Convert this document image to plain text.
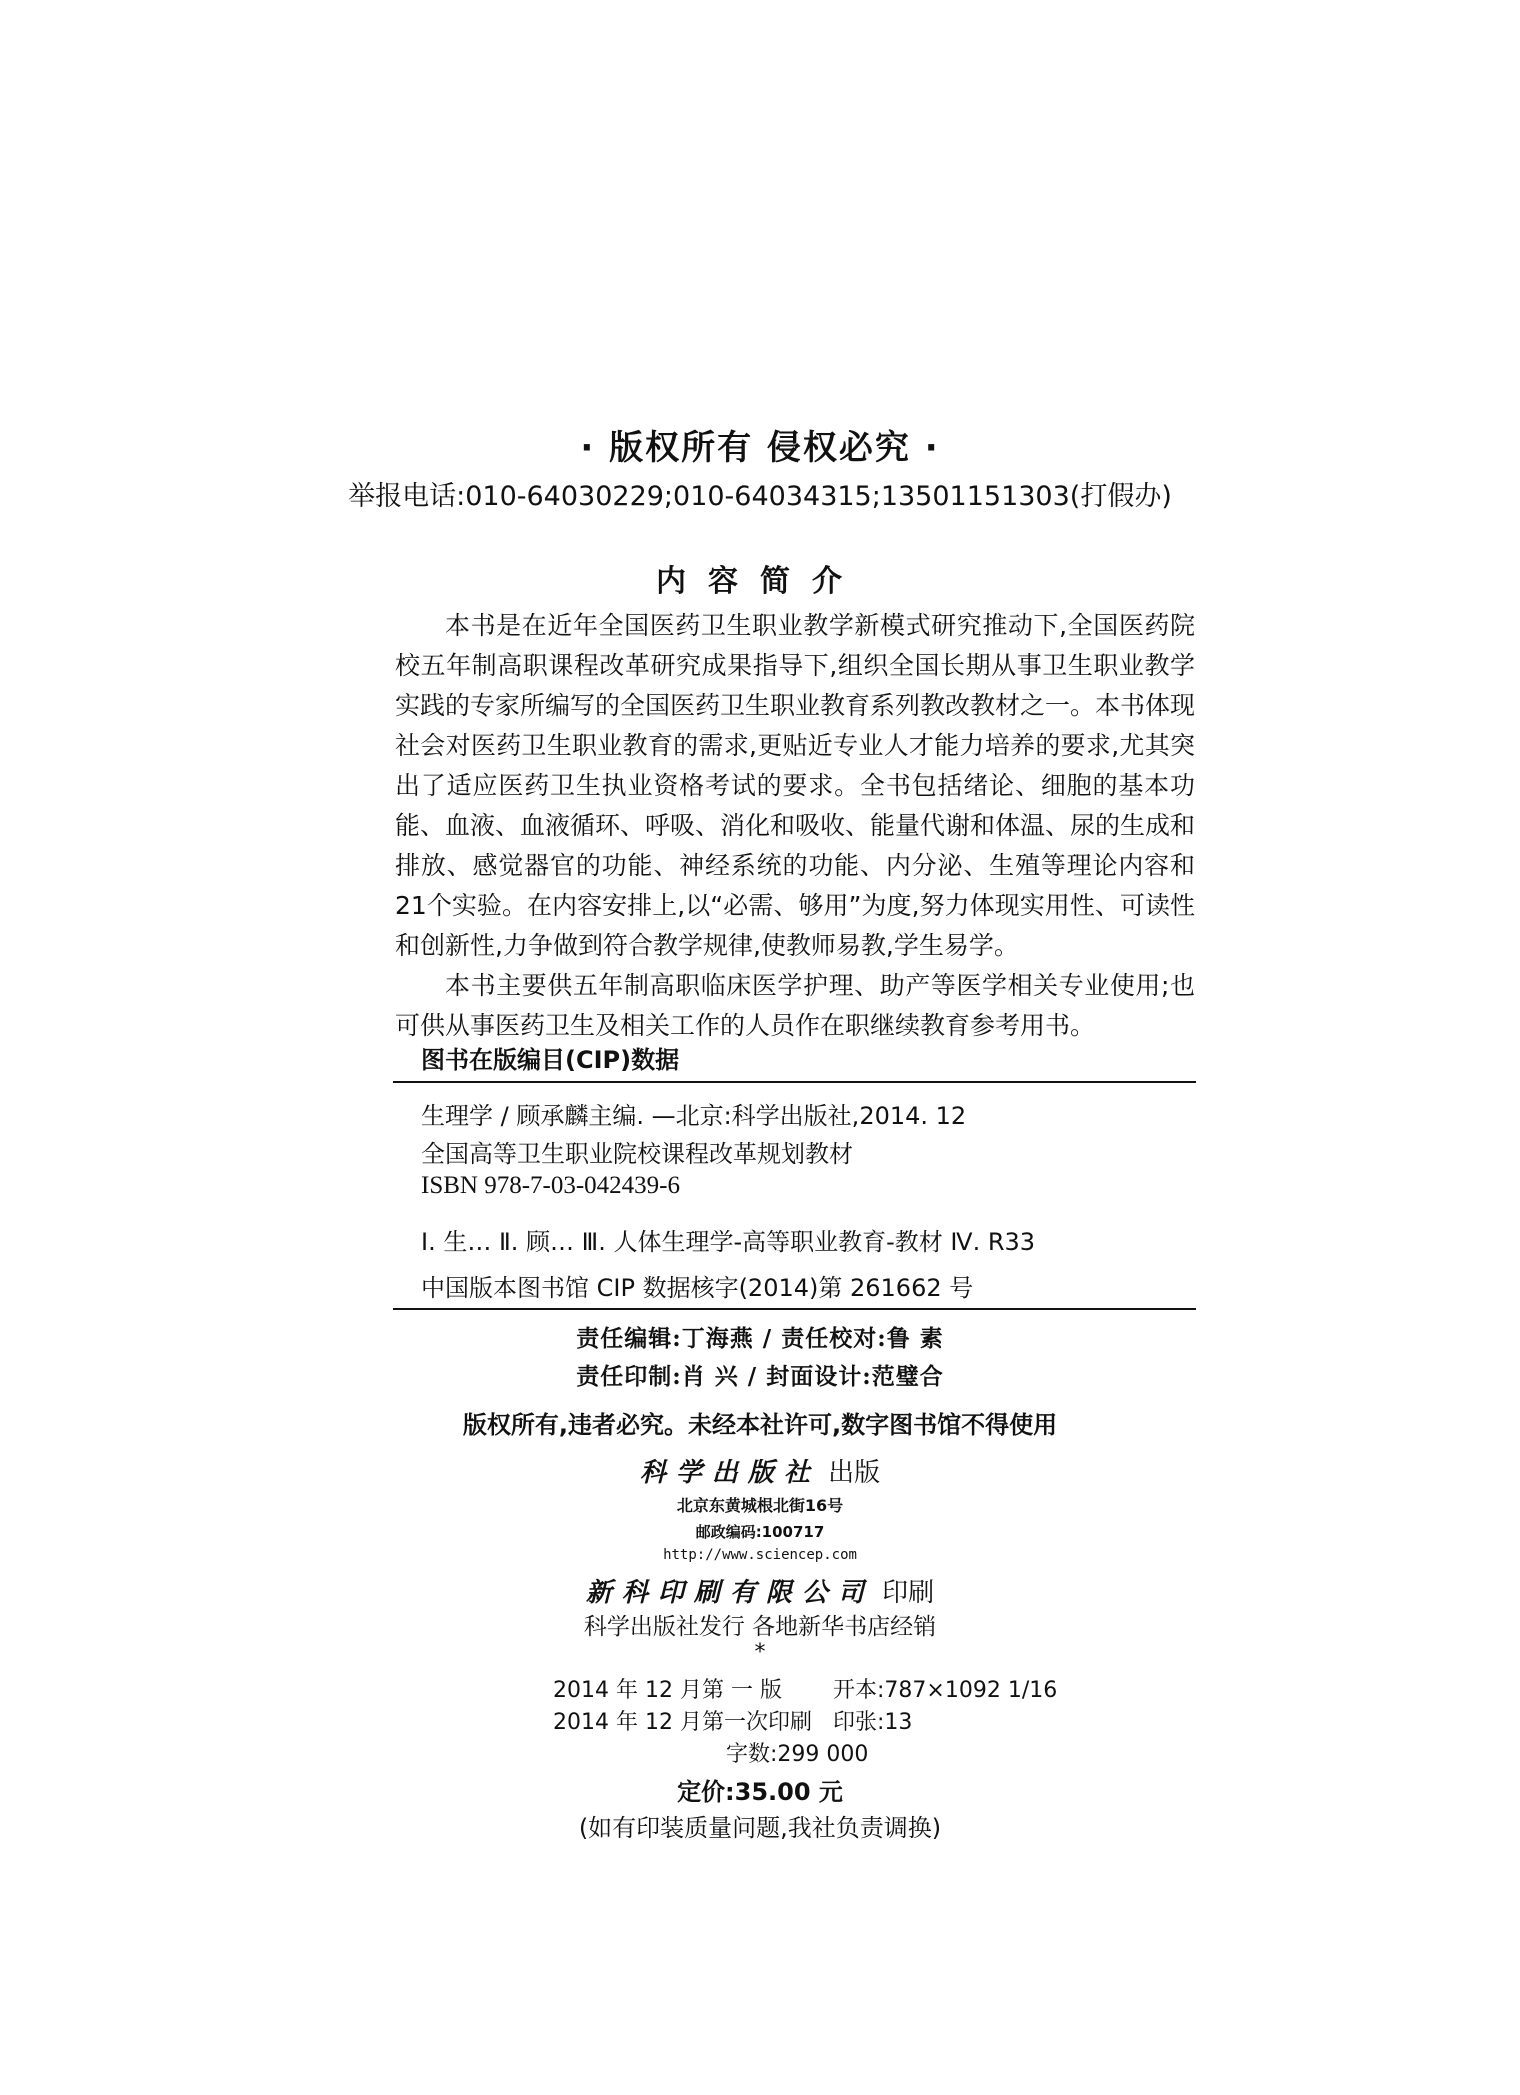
· 版权所有 侵权必究 ·
举报电话:010-64030229;010-64034315;13501151303(打假办)
内容简介

本书是在近年全国医药卫生职业教学新模式研究推动下,全国医药院校五年制高职课程改革研究成果指导下,组织全国长期从事卫生职业教学实践的专家所编写的全国医药卫生职业教育系列教改教材之一。本书体现社会对医药卫生职业教育的需求,更贴近专业人才能力培养的要求,尤其突出了适应医药卫生执业资格考试的要求。全书包括绪论、细胞的基本功能、血液、血液循环、呼吸、消化和吸收、能量代谢和体温、尿的生成和排放、感觉器官的功能、神经系统的功能、内分泌、生殖等理论内容和21个实验。在内容安排上,以“必需、够用”为度,努力体现实用性、可读性和创新性,力争做到符合教学规律,使教师易教,学生易学。

本书主要供五年制高职临床医学护理、助产等医学相关专业使用;也可供从事医药卫生及相关工作的人员作在职继续教育参考用书。

图书在版编目(CIP)数据
生理学 / 顾承麟主编. —北京:科学出版社,2014. 12
全国高等卫生职业院校课程改革规划教材
ISBN 978-7-03-042439-6
Ⅰ. 生… Ⅱ. 顾… Ⅲ. 人体生理学-高等职业教育-教材 Ⅳ. R33
中国版本图书馆 CIP 数据核字(2014)第 261662 号
责任编辑:丁海燕 / 责任校对:鲁 素
责任印制:肖 兴 / 封面设计:范璧合
版权所有,违者必究。未经本社许可,数字图书馆不得使用
科学出版社 出版
北京东黄城根北街16号
邮政编码:100717
http://www.sciencep.com
新科印刷有限公司 印刷
科学出版社发行 各地新华书店经销
*
2014 年 12 月第 一 版 开本:787×1092 1/16
2014 年 12 月第一次印刷 印张:13
字数:299 000
定价:35.00 元
(如有印装质量问题,我社负责调换)
